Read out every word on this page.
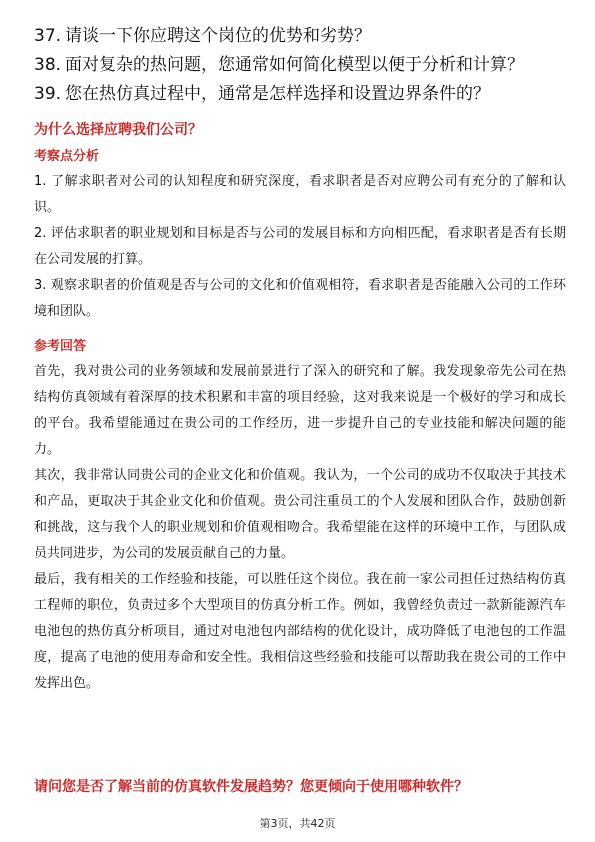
37. 请谈一下你应聘这个岗位的优势和劣势？
38. 面对复杂的热问题，您通常如何简化模型以便于分析和计算？
39. 您在热仿真过程中，通常是怎样选择和设置边界条件的？
为什么选择应聘我们公司？
考察点分析

1. 了解求职者对公司的认知程度和研究深度，看求职者是否对应聘公司有充分的了解和认识。

2. 评估求职者的职业规划和目标是否与公司的发展目标和方向相匹配，看求职者是否有长期在公司发展的打算。

3. 观察求职者的价值观是否与公司的文化和价值观相符，看求职者是否能融入公司的工作环境和团队。

参考回答

首先，我对贵公司的业务领域和发展前景进行了深入的研究和了解。我发现象帝先公司在热结构仿真领域有着深厚的技术积累和丰富的项目经验，这对我来说是一个极好的学习和成长的平台。我希望能通过在贵公司的工作经历，进一步提升自己的专业技能和解决问题的能力。

其次，我非常认同贵公司的企业文化和价值观。我认为，一个公司的成功不仅取决于其技术和产品，更取决于其企业文化和价值观。贵公司注重员工的个人发展和团队合作，鼓励创新和挑战，这与我个人的职业规划和价值观相吻合。我希望能在这样的环境中工作，与团队成员共同进步，为公司的发展贡献自己的力量。

最后，我有相关的工作经验和技能，可以胜任这个岗位。我在前一家公司担任过热结构仿真工程师的职位，负责过多个大型项目的仿真分析工作。例如，我曾经负责过一款新能源汽车电池包的热仿真分析项目，通过对电池包内部结构的优化设计，成功降低了电池包的工作温度，提高了电池的使用寿命和安全性。我相信这些经验和技能可以帮助我在贵公司的工作中发挥出色。

请问您是否了解当前的仿真软件发展趋势？您更倾向于使用哪种软件？
第3页，共42页
